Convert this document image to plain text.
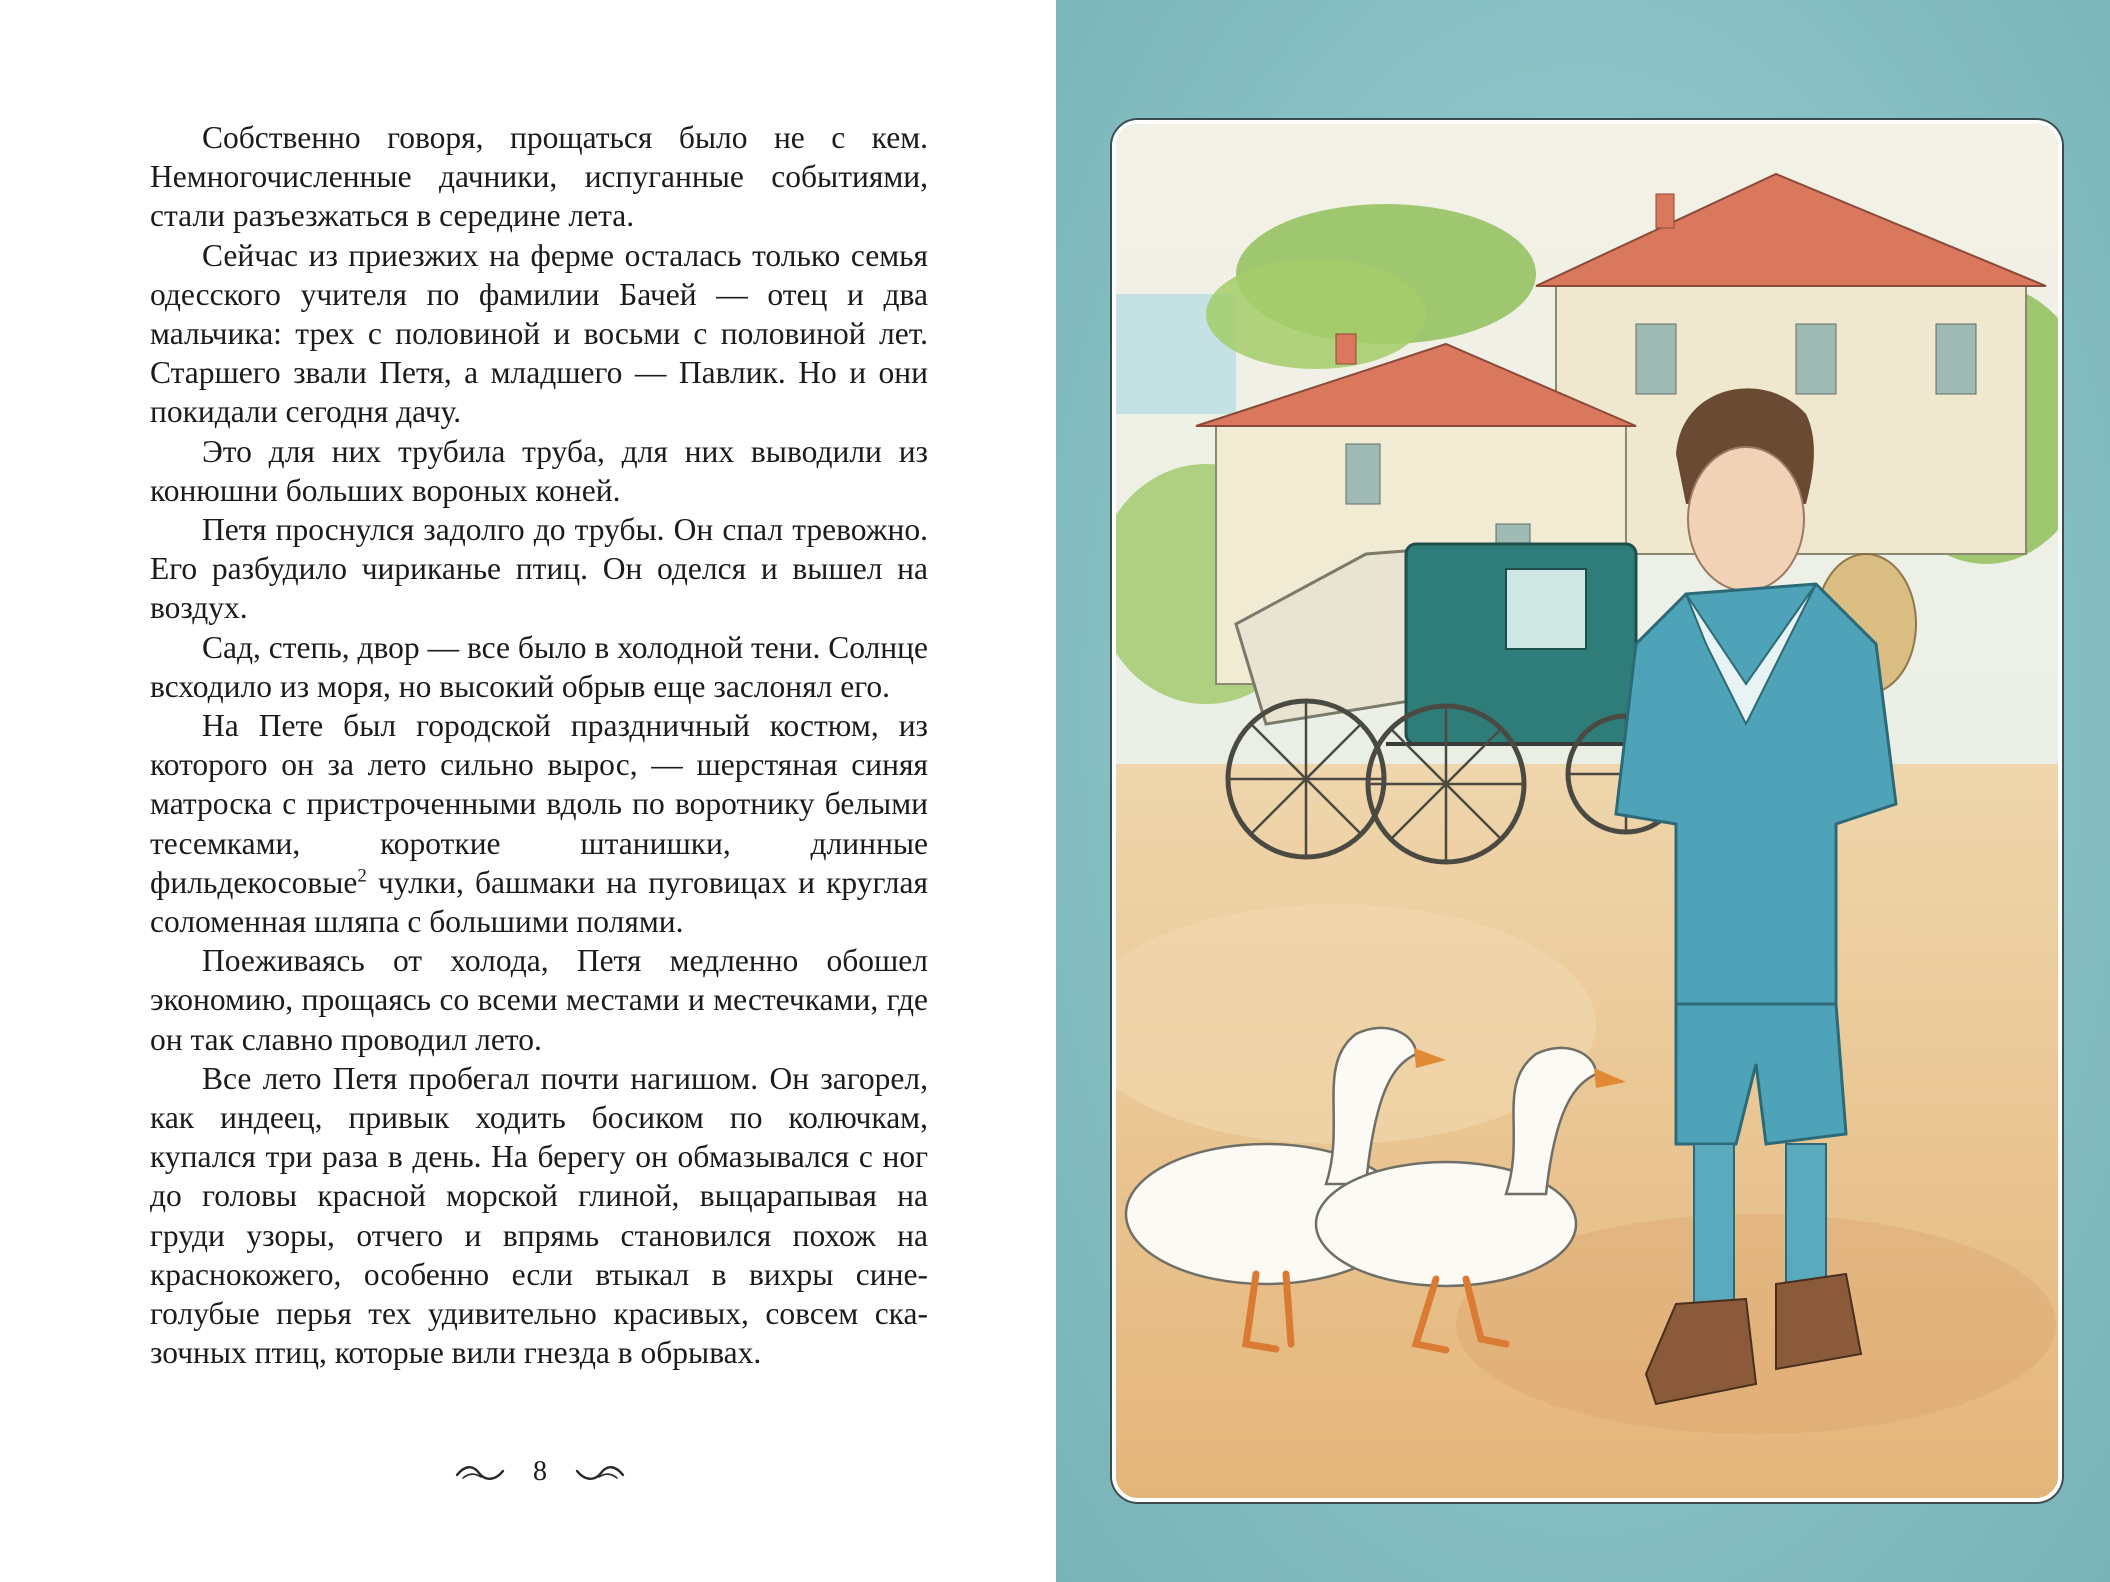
Собственно говоря, прощаться было не с кем. Немногочисленные дачники, испуганные событиями, стали разъезжаться в середине лета.

Сейчас из приезжих на ферме осталась только семья одесского учителя по фамилии Бачей — отец и два мальчика: трех с половиной и восьми с половиной лет. Старшего звали Петя, а младшего — Павлик. Но и они покидали сегодня дачу.

Это для них трубила труба, для них выводили из конюшни больших вороных коней.

Петя проснулся задолго до трубы. Он спал тревожно. Его разбудило чириканье птиц. Он оделся и вышел на воздух.

Сад, степь, двор — все было в холодной тени. Солнце всходило из моря, но высокий обрыв еще заслонял его.

На Пете был городской праздничный костюм, из которого он за лето сильно вырос, — шерстяная синяя матроска с пристроченными вдоль по воротнику белыми тесемками, короткие штанишки, длинные фильдекосовые$^2$ чулки, башмаки на пуговицах и круглая соломенная шляпа с большими полями.

Поеживаясь от холода, Петя медленно обошел экономию, прощаясь со всеми местами и местечками, где он так славно проводил лето.

Все лето Петя пробегал почти нагишом. Он загорел, как индеец, привык ходить босиком по колючкам, купался три раза в день. На берегу он обмазывался с ног до головы красной морской глиной, выцарапывая на груди узоры, отчего и впрямь становился похож на краснокожего, особенно если втыкал в вихры синеголубые перья тех удивительно красивых, совсем сказочных птиц, которые вили гнезда в обрывах.

8
